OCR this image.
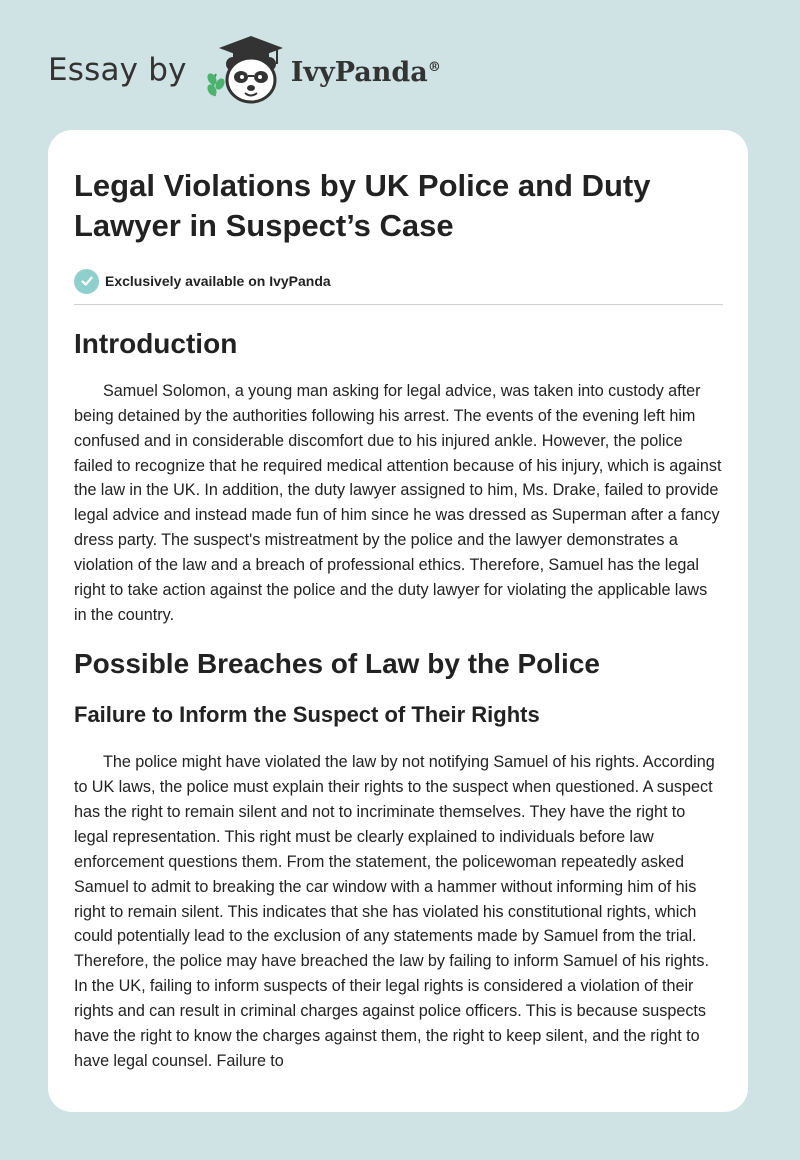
Essay by	IvyPanda®
Legal Violations by UK Police and Duty Lawyer in Suspect’s Case
Exclusively available on IvyPanda
Introduction

Samuel Solomon, a young man asking for legal advice, was taken into custody after being detained by the authorities following his arrest. The events of the evening left him confused and in considerable discomfort due to his injured ankle. However, the police failed to recognize that he required medical attention because of his injury, which is against the law in the UK. In addition, the duty lawyer assigned to him, Ms. Drake, failed to provide legal advice and instead made fun of him since he was dressed as Superman after a fancy dress party. The suspect's mistreatment by the police and the lawyer demonstrates a violation of the law and a breach of professional ethics. Therefore, Samuel has the legal right to take action against the police and the duty lawyer for violating the applicable laws in the country.

Possible Breaches of Law by the Police
Failure to Inform the Suspect of Their Rights

The police might have violated the law by not notifying Samuel of his rights. According to UK laws, the police must explain their rights to the suspect when questioned. A suspect has the right to remain silent and not to incriminate themselves. They have the right to legal representation. This right must be clearly explained to individuals before law enforcement questions them. From the statement, the policewoman repeatedly asked Samuel to admit to breaking the car window with a hammer without informing him of his right to remain silent. This indicates that she has violated his constitutional rights, which could potentially lead to the exclusion of any statements made by Samuel from the trial. Therefore, the police may have breached the law by failing to inform Samuel of his rights. In the UK, failing to inform suspects of their legal rights is considered a violation of their rights and can result in criminal charges against police officers. This is because suspects have the right to know the charges against them, the right to keep silent, and the right to have legal counsel. Failure to
